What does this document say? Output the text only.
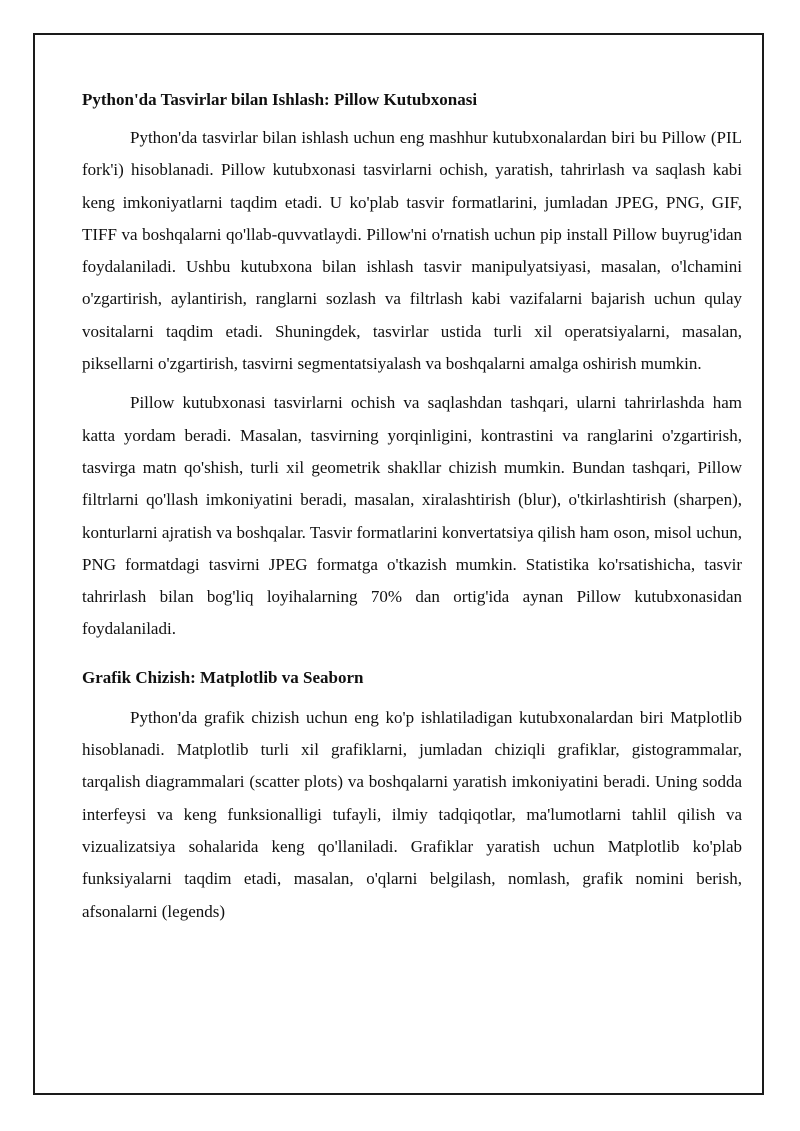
Python'da Tasvirlar bilan Ishlash: Pillow Kutubxonasi

Python'da tasvirlar bilan ishlash uchun eng mashhur kutubxonalardan biri bu Pillow (PIL fork'i) hisoblanadi. Pillow kutubxonasi tasvirlarni ochish, yaratish, tahrirlash va saqlash kabi keng imkoniyatlarni taqdim etadi. U ko'plab tasvir formatlarini, jumladan JPEG, PNG, GIF, TIFF va boshqalarni qo'llab-quvvatlaydi. Pillow'ni o'rnatish uchun pip install Pillow buyrug'idan foydalaniladi. Ushbu kutubxona bilan ishlash tasvir manipulyatsiyasi, masalan, o'lchamini o'zgartirish, aylantirish, ranglarni sozlash va filtrlash kabi vazifalarni bajarish uchun qulay vositalarni taqdim etadi. Shuningdek, tasvirlar ustida turli xil operatsiyalarni, masalan, piksellarni o'zgartirish, tasvirni segmentatsiyalash va boshqalarni amalga oshirish mumkin.

Pillow kutubxonasi tasvirlarni ochish va saqlashdan tashqari, ularni tahrirlashda ham katta yordam beradi. Masalan, tasvirning yorqinligini, kontrastini va ranglarini o'zgartirish, tasvirga matn qo'shish, turli xil geometrik shakllar chizish mumkin. Bundan tashqari, Pillow filtrlarni qo'llash imkoniyatini beradi, masalan, xiralashtirish (blur), o'tkirlashtirish (sharpen), konturlarni ajratish va boshqalar. Tasvir formatlarini konvertatsiya qilish ham oson, misol uchun, PNG formatdagi tasvirni JPEG formatga o'tkazish mumkin. Statistika ko'rsatishicha, tasvir tahrirlash bilan bog'liq loyihalarning 70% dan ortig'ida aynan Pillow kutubxonasidan foydalaniladi.

Grafik Chizish: Matplotlib va Seaborn

Python'da grafik chizish uchun eng ko'p ishlatiladigan kutubxonalardan biri Matplotlib hisoblanadi. Matplotlib turli xil grafiklarni, jumladan chiziqli grafiklar, gistogrammalar, tarqalish diagrammalari (scatter plots) va boshqalarni yaratish imkoniyatini beradi. Uning sodda interfeysi va keng funksionalligi tufayli, ilmiy tadqiqotlar, ma'lumotlarni tahlil qilish va vizualizatsiya sohalarida keng qo'llaniladi. Grafiklar yaratish uchun Matplotlib ko'plab funksiyalarni taqdim etadi, masalan, o'qlarni belgilash, nomlash, grafik nomini berish, afsonalarni (legends)
